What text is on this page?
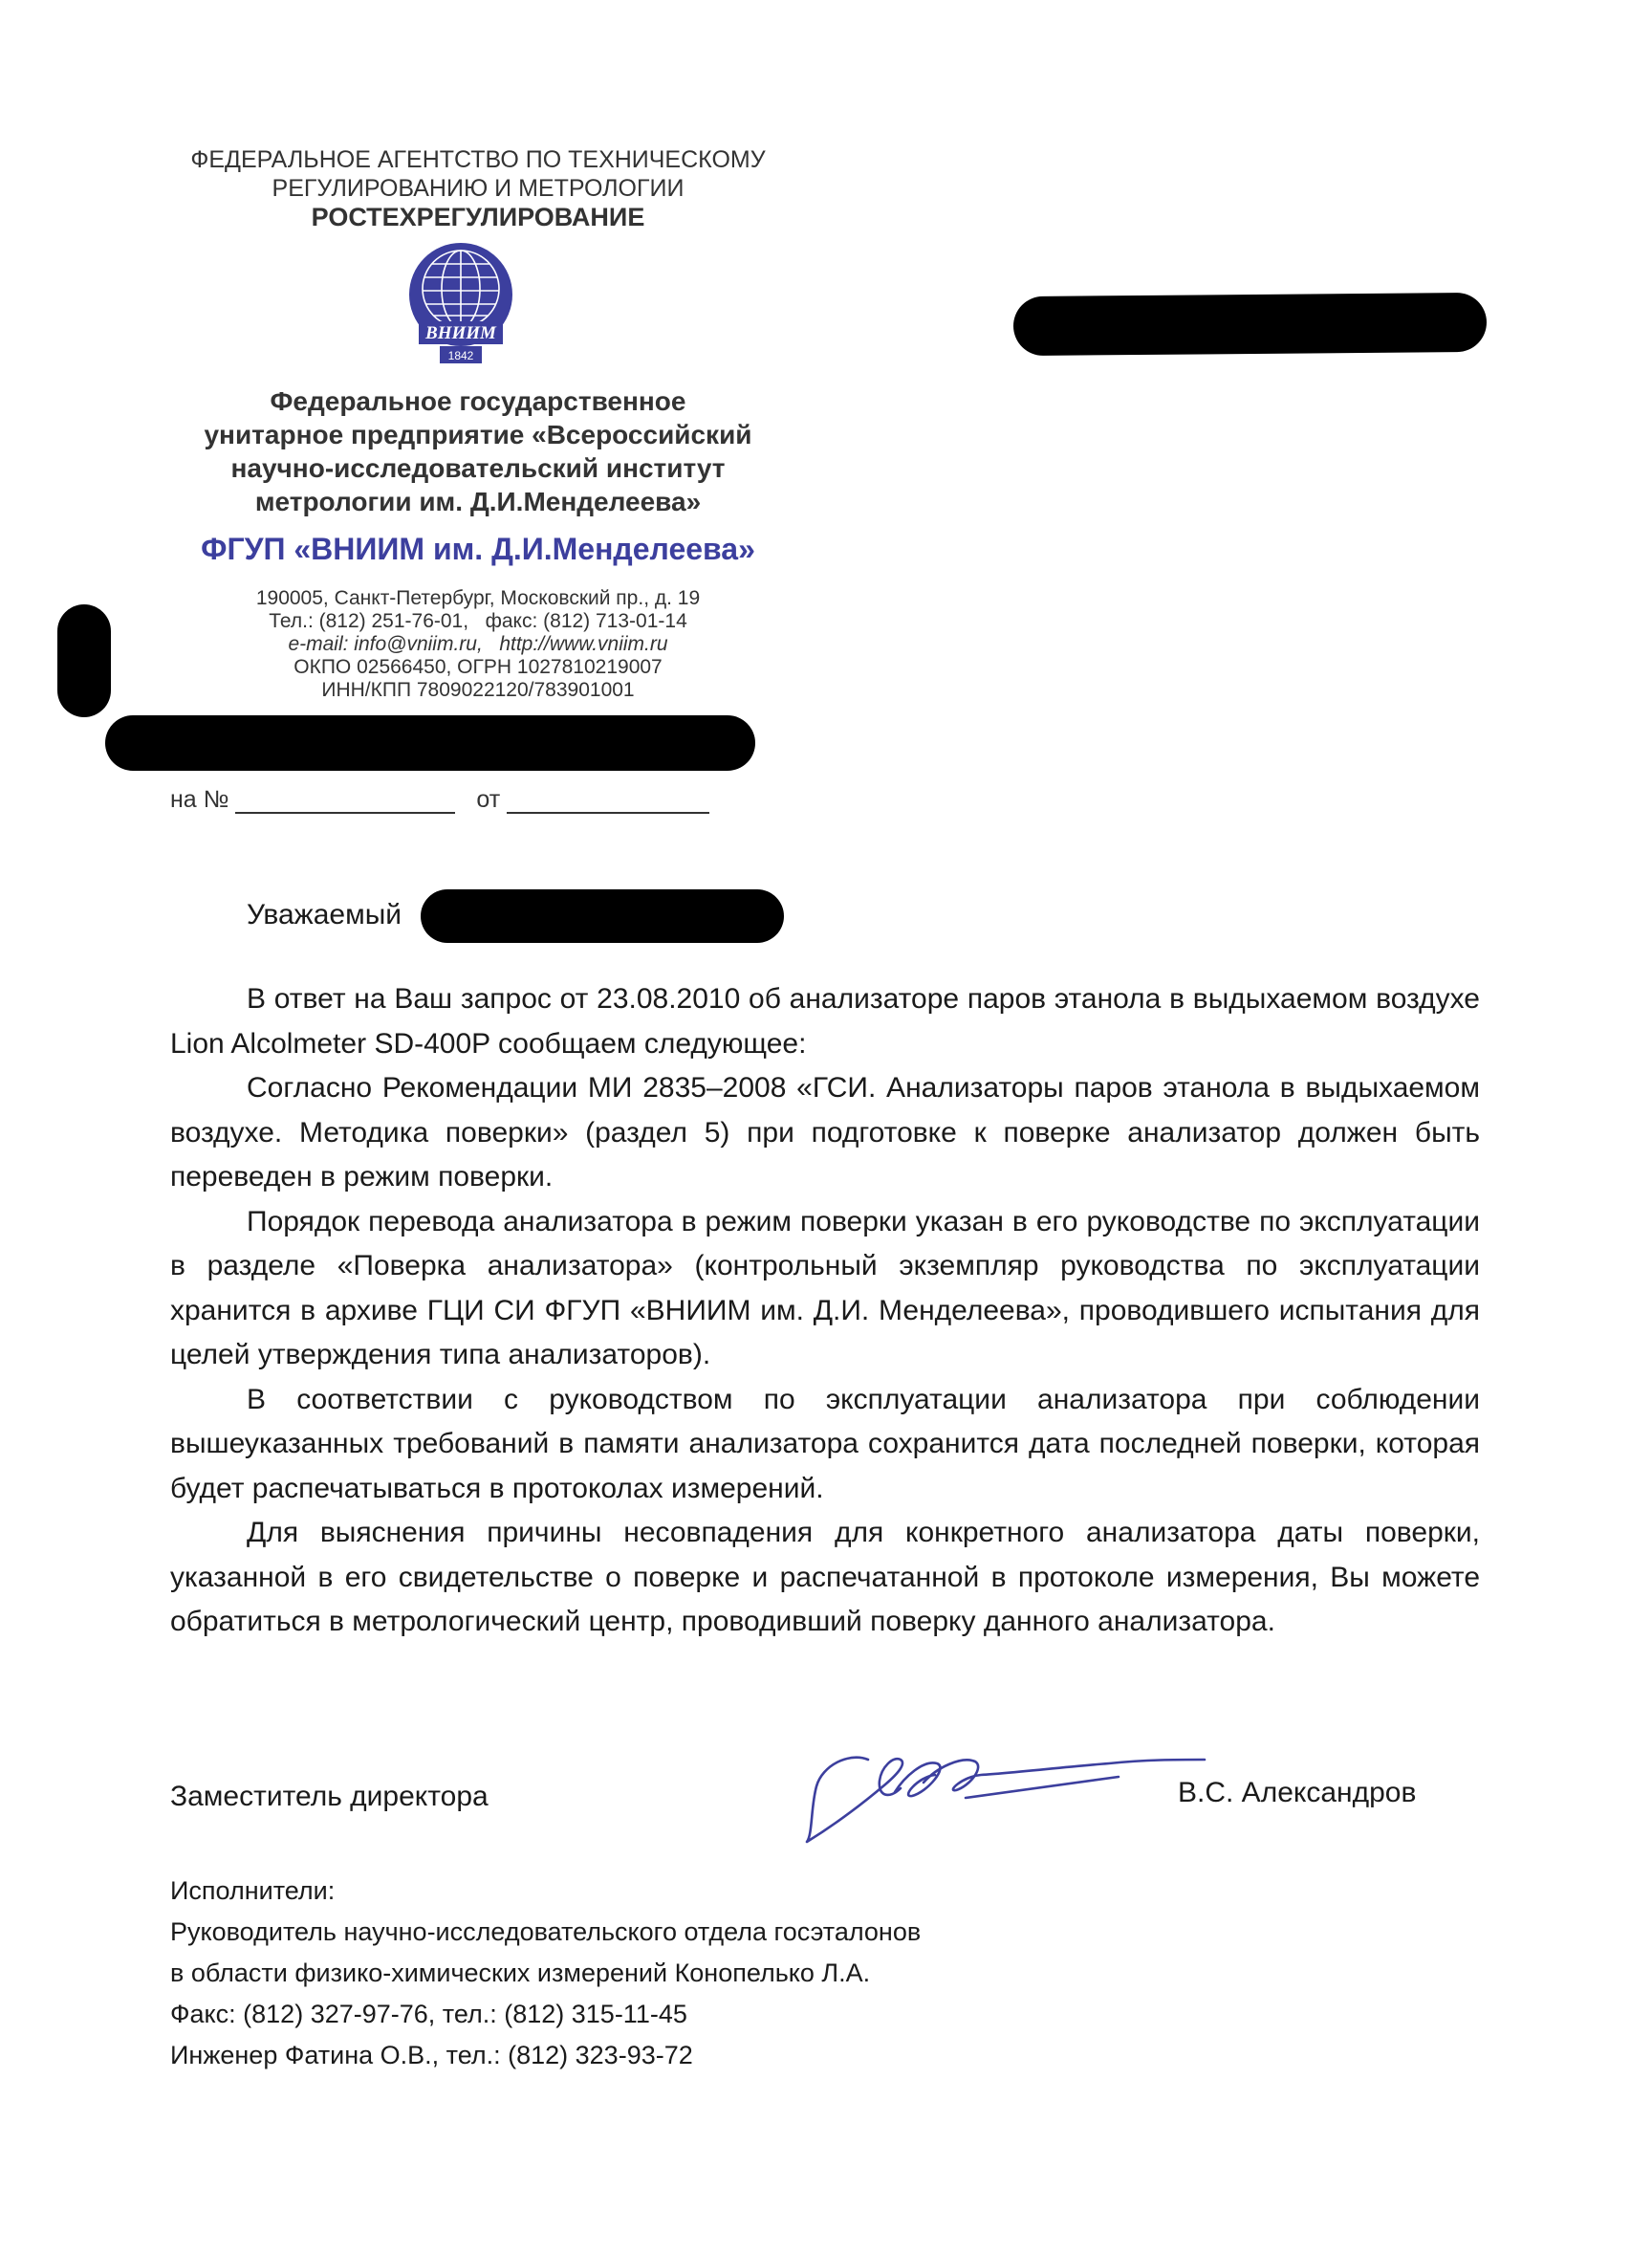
ФЕДЕРАЛЬНОЕ АГЕНТСТВО ПО ТЕХНИЧЕСКОМУ
РЕГУЛИРОВАНИЮ И МЕТРОЛОГИИ
РОСТЕХРЕГУЛИРОВАНИЕ
ВНИИМ
1842
Федеральное государственное
унитарное предприятие «Всероссийский
научно-исследовательский институт
метрологии им. Д.И.Менделеева»
ФГУП «ВНИИМ им. Д.И.Менделеева»
190005, Санкт-Петербург, Московский пр., д. 19
Тел.: (812) 251-76-01, факс: (812) 713-01-14
e-mail: info@vniim.ru, http://www.vniim.ru
ОКПО 02566450, ОГРН 1027810219007
ИНН/КПП 7809022120/783901001
на №	от
Уважаемый

В ответ на Ваш запрос от 23.08.2010 об анализаторе паров этанола в выдыхаемом воздухе Lion Alcolmeter SD-400P сообщаем следующее:

Согласно Рекомендации МИ 2835–2008 «ГСИ. Анализаторы паров этанола в выдыхаемом воздухе. Методика поверки» (раздел 5) при подготовке к поверке анализатор должен быть переведен в режим поверки.

Порядок перевода анализатора в режим поверки указан в его руководстве по эксплуатации в разделе «Поверка анализатора» (контрольный экземпляр руководства по эксплуатации хранится в архиве ГЦИ СИ ФГУП «ВНИИМ им. Д.И. Менделеева», проводившего испытания для целей утверждения типа анализаторов).

В соответствии с руководством по эксплуатации анализатора при соблюдении вышеуказанных требований в памяти анализатора сохранится дата последней поверки, которая будет распечатываться в протоколах измерений.

Для выяснения причины несовпадения для конкретного анализатора даты поверки, указанной в его свидетельстве о поверке и распечатанной в протоколе измерения, Вы можете обратиться в метрологический центр, проводивший поверку данного анализатора.

Заместитель директора	В.С. Александров
Исполнители:
Руководитель научно-исследовательского отдела госэталонов
в области физико-химических измерений Конопелько Л.А.
Факс: (812) 327-97-76, тел.: (812) 315-11-45
Инженер Фатина О.В., тел.: (812) 323-93-72
